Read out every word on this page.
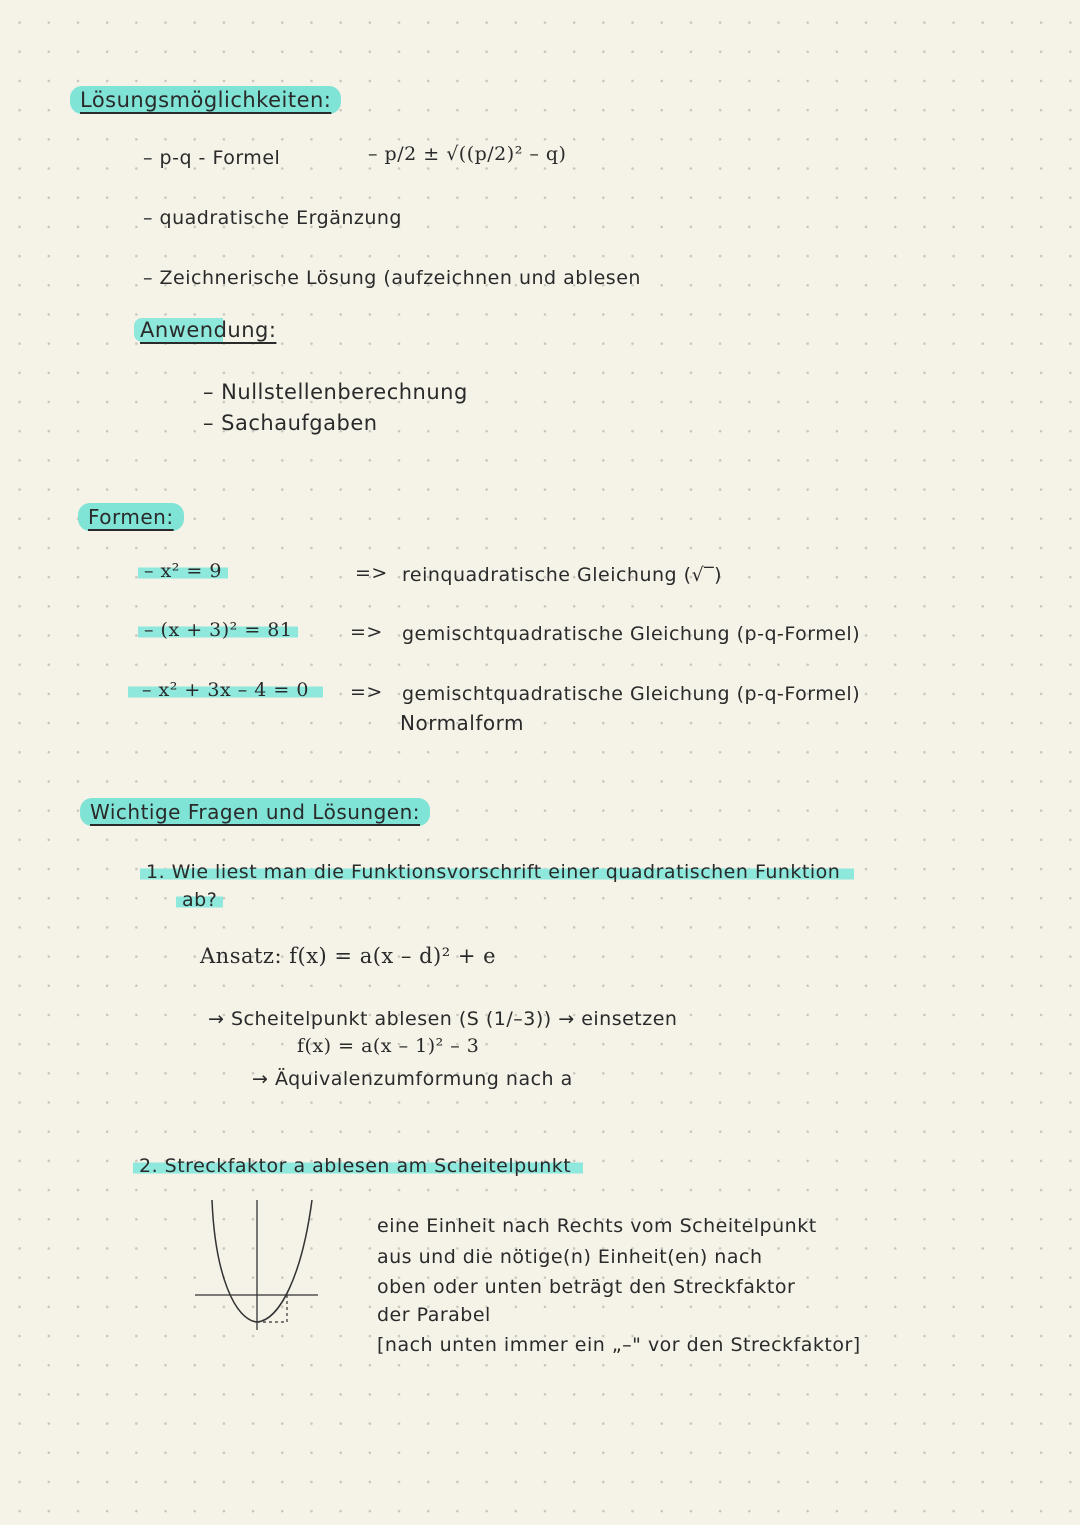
Lösungsmöglichkeiten:
– p-q - Formel	– p/2 ± √((p/2)² – q)
– quadratische Ergänzung
– Zeichnerische Lösung (aufzeichnen und ablesen
Anwendung:
– Nullstellenberechnung
– Sachaufgaben
Formen:
– x² = 9	=> reinquadratische Gleichung (√‾)
– (x + 3)² = 81	=> gemischtquadratische Gleichung (p-q-Formel)
– x² + 3x – 4 = 0	=> gemischtquadratische Gleichung (p-q-Formel)
Normalform
Wichtige Fragen und Lösungen:
1. Wie liest man die Funktionsvorschrift einer quadratischen Funktion
ab?
Ansatz: f(x) = a(x – d)² + e
→ Scheitelpunkt ablesen (S (1/–3)) → einsetzen
f(x) = a(x – 1)² – 3
→ Äquivalenzumformung nach a
2. Streckfaktor a ablesen am Scheitelpunkt
eine Einheit nach Rechts vom Scheitelpunkt
aus und die nötige(n) Einheit(en) nach
oben oder unten beträgt den Streckfaktor
der Parabel
[nach unten immer ein „–" vor den Streckfaktor]
